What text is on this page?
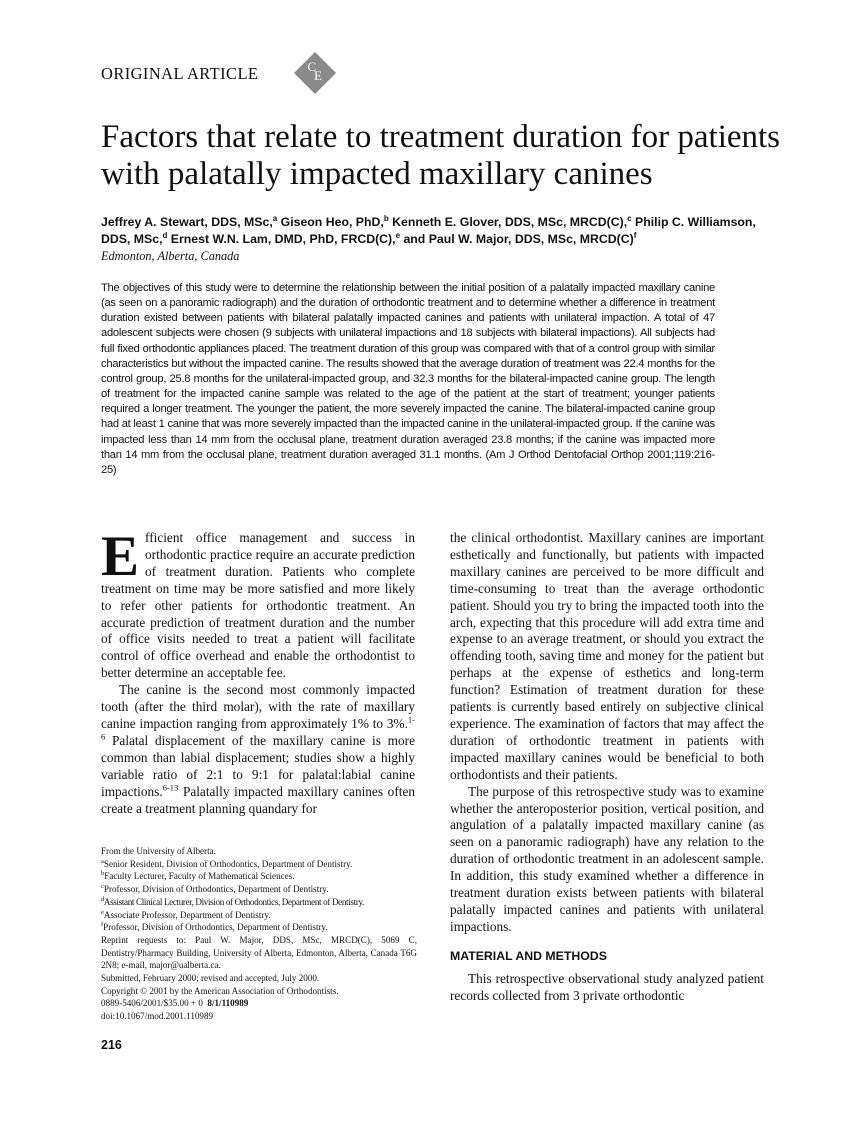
ORIGINAL ARTICLE	C
E
Factors that relate to treatment duration for patients with palatally impacted maxillary canines
Jeffrey A. Stewart, DDS, MSc,$^a$ Giseon Heo, PhD,$^b$ Kenneth E. Glover, DDS, MSc, MRCD(C),$^c$ Philip C. Williamson, DDS, MSc,$^d$ Ernest W.N. Lam, DMD, PhD, FRCD(C),$^e$ and Paul W. Major, DDS, MSc, $MRCD(C)^f$
Edmonton, Alberta, Canada
The objectives of this study were to determine the relationship between the initial position of a palatally impacted maxillary canine (as seen on a panoramic radiograph) and the duration of orthodontic treatment and to determine whether a difference in treatment duration existed between patients with bilateral palatally impacted canines and patients with unilateral impaction. A total of 47 adolescent subjects were chosen (9 subjects with unilateral impactions and 18 subjects with bilateral impactions). All subjects had full fixed orthodontic appliances placed. The treatment duration of this group was compared with that of a control group with similar characteristics but without the impacted canine. The results showed that the average duration of treatment was 22.4 months for the control group, 25.8 months for the unilateral-impacted group, and 32.3 months for the bilateral-impacted canine group. The length of treatment for the impacted canine sample was related to the age of the patient at the start of treatment; younger patients required a longer treatment. The younger the patient, the more severely impacted the canine. The bilateral-impacted canine group had at least 1 canine that was more severely impacted than the impacted canine in the unilateral-impacted group. If the canine was impacted less than 14 mm from the occlusal plane, treatment duration averaged 23.8 months; if the canine was impacted more than 14 mm from the occlusal plane, treatment duration averaged 31.1 months. (Am J Orthod Dentofacial Orthop 2001;119:216-25)

Efficient office management and success in orthodontic practice require an accurate prediction of treatment duration. Patients who complete treatment on time may be more satisfied and more likely to refer other patients for orthodontic treatment. An accurate prediction of treatment duration and the number of office visits needed to treat a patient will facilitate control of office overhead and enable the orthodontist to better determine an acceptable fee.

The canine is the second most commonly impacted tooth (after the third molar), with the rate of maxillary canine impaction ranging from approximately 1% to 3%.$^{1-6}$ Palatal displacement of the maxillary canine is more common than labial displacement; studies show a highly variable ratio of 2:1 to 9:1 for palatal:labial canine impactions.$^{6-13}$ Palatally impacted maxillary canines often create a treatment planning quandary for

the clinical orthodontist. Maxillary canines are important esthetically and functionally, but patients with impacted maxillary canines are perceived to be more difficult and time-consuming to treat than the average orthodontic patient. Should you try to bring the impacted tooth into the arch, expecting that this procedure will add extra time and expense to an average treatment, or should you extract the offending tooth, saving time and money for the patient but perhaps at the expense of esthetics and long-term function? Estimation of treatment duration for these patients is currently based entirely on subjective clinical experience. The examination of factors that may affect the duration of orthodontic treatment in patients with impacted maxillary canines would be beneficial to both orthodontists and their patients.

The purpose of this retrospective study was to examine whether the anteroposterior position, vertical position, and angulation of a palatally impacted maxillary canine (as seen on a panoramic radiograph) have any relation to the duration of orthodontic treatment in an adolescent sample. In addition, this study examined whether a difference in treatment duration exists between patients with bilateral palatally impacted canines and patients with unilateral impactions.

MATERIAL AND METHODS

This retrospective observational study analyzed patient records collected from 3 private orthodontic

From the University of Alberta.
$^a$Senior Resident, Division of Orthodontics, Department of Dentistry.
$^b$Faculty Lecturer, Faculty of Mathematical Sciences.
$^c$Professor, Division of Orthodontics, Department of Dentistry.
$^d$Assistant Clinical Lecturer, Division of Orthodontics, Department of Dentistry.
$^e$Associate Professor, Department of Dentistry.
$^f$Professor, Division of Orthodontics, Department of Dentistry.
Reprint requests to: Paul W. Major, DDS, MSc, MRCD(C), 5069 C, Dentistry/Pharmacy Building, University of Alberta, Edmonton, Alberta, Canada T6G 2N8; e-mail, major@ualberta.ca.
Submitted, February 2000; revised and accepted, July 2000.
Copyright © 2001 by the American Association of Orthodontists.
0889-5406/2001/$35.00 + 0  8/1/110989
doi:10.1067/mod.2001.110989
216
